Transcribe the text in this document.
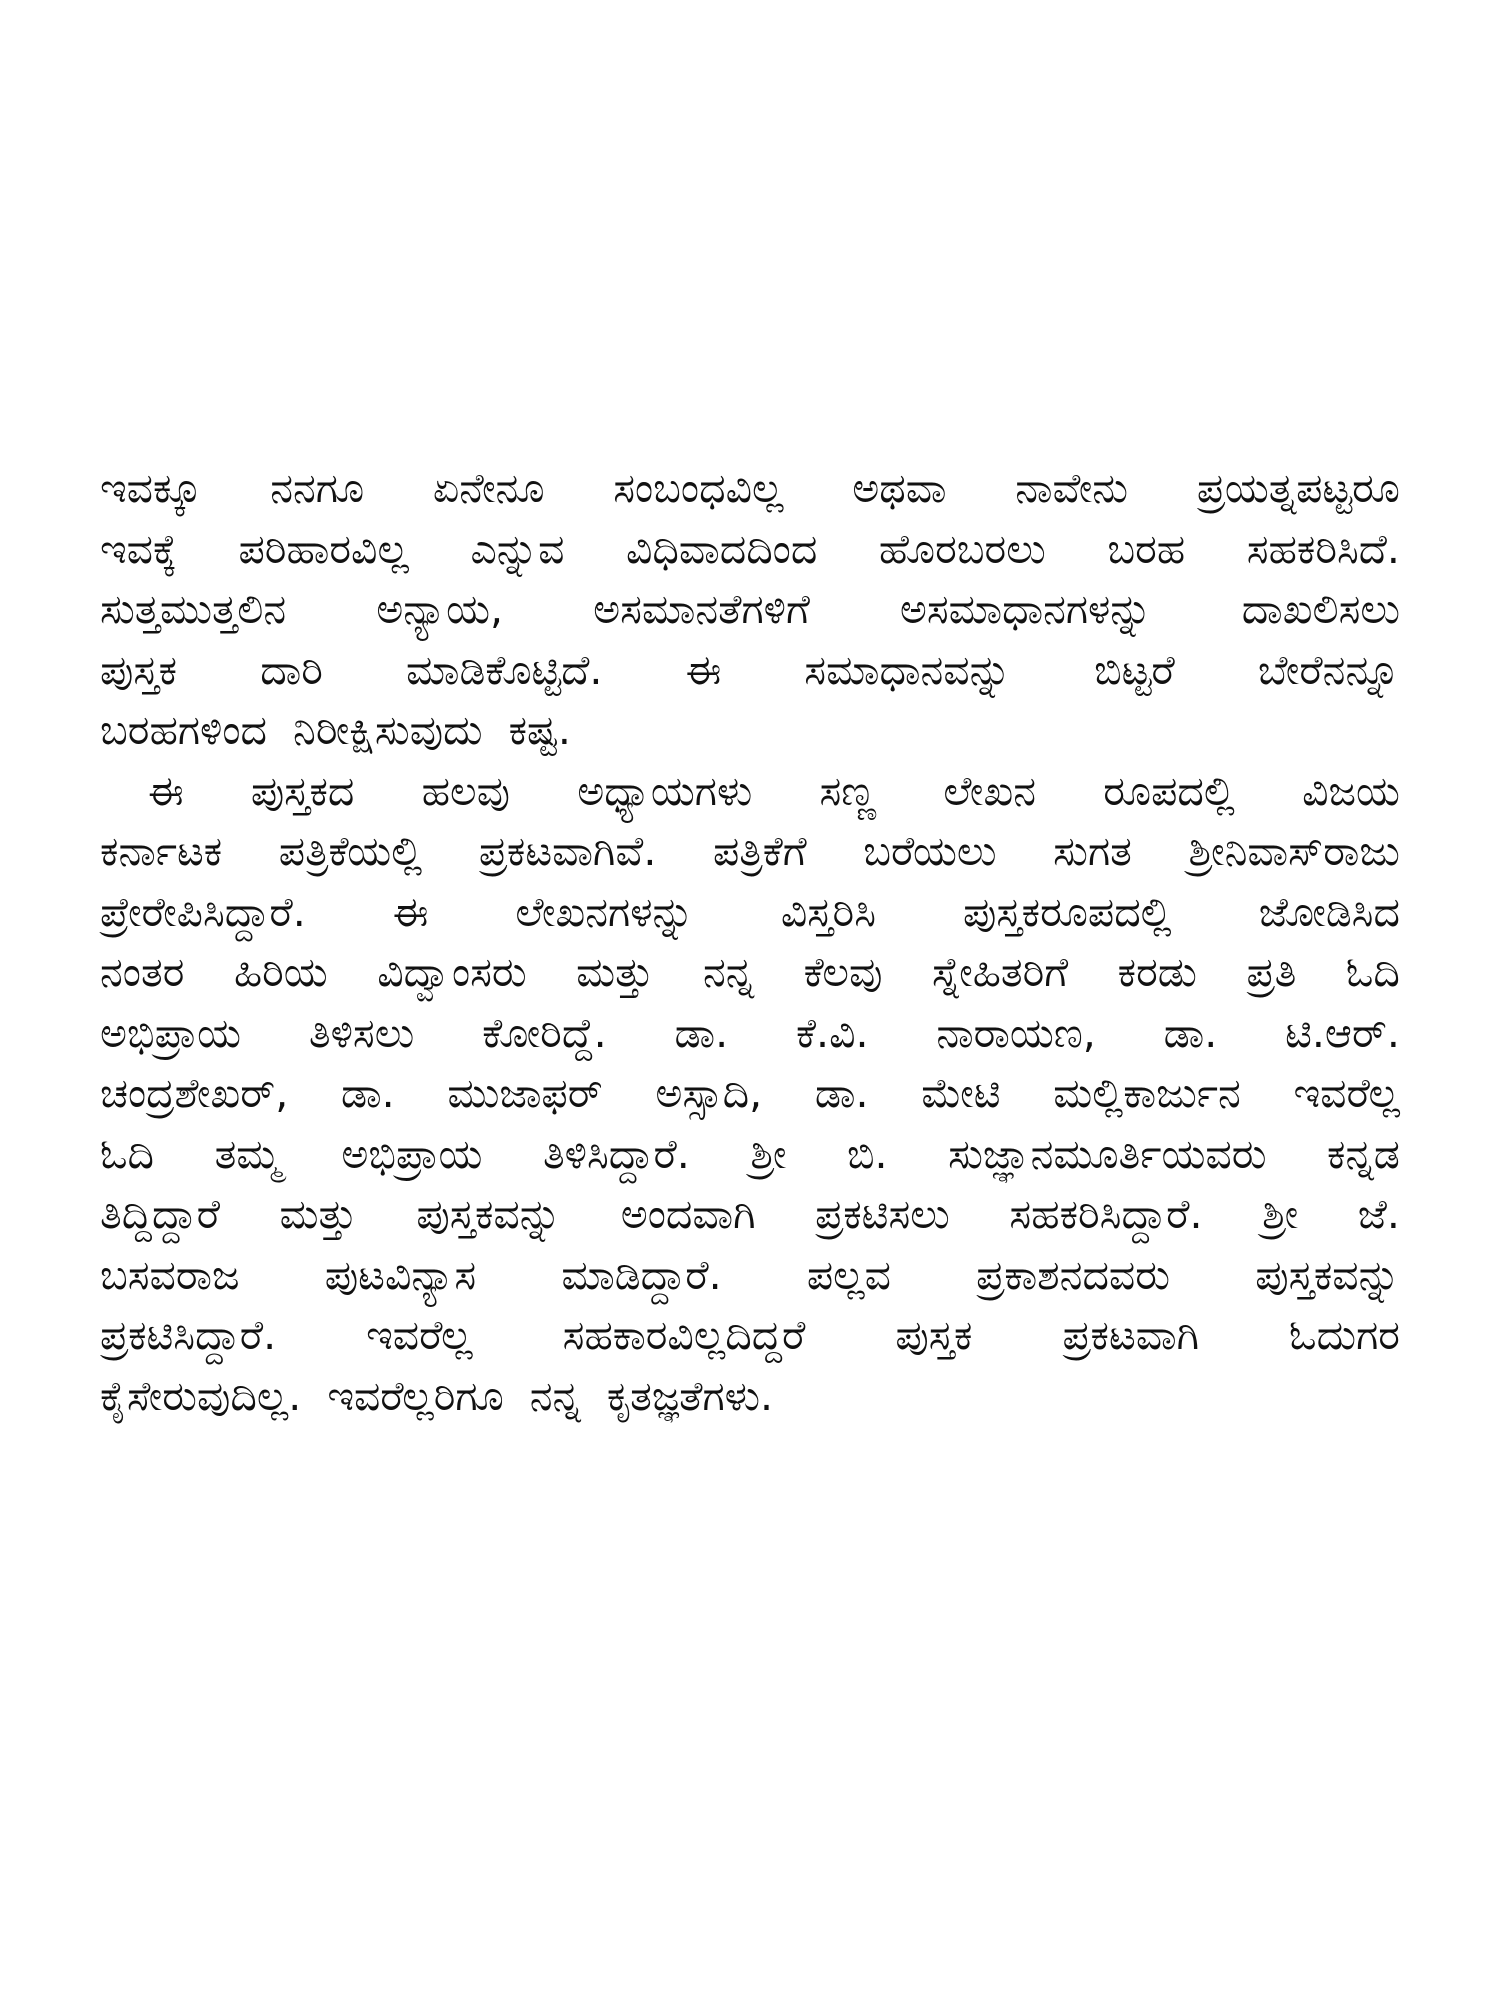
ಇವಕ್ಕೂ ನನಗೂ ಏನೇನೂ ಸಂಬಂಧವಿಲ್ಲ ಅಥವಾ ನಾವೇನು ಪ್ರಯತ್ನಪಟ್ಟರೂ
ಇವಕ್ಕೆ ಪರಿಹಾರವಿಲ್ಲ ಎನ್ನುವ ವಿಧಿವಾದದಿಂದ ಹೊರಬರಲು ಬರಹ ಸಹಕರಿಸಿದೆ.
ಸುತ್ತಮುತ್ತಲಿನ ಅನ್ಯಾಯ, ಅಸಮಾನತೆಗಳಿಗೆ ಅಸಮಾಧಾನಗಳನ್ನು ದಾಖಲಿಸಲು
ಪುಸ್ತಕ ದಾರಿ ಮಾಡಿಕೊಟ್ಟಿದೆ. ಈ ಸಮಾಧಾನವನ್ನು ಬಿಟ್ಟರೆ ಬೇರೆನನ್ನೂ
ಬರಹಗಳಿಂದ ನಿರೀಕ್ಷಿಸುವುದು ಕಷ್ಟ.
ಈ ಪುಸ್ತಕದ ಹಲವು ಅಧ್ಯಾಯಗಳು ಸಣ್ಣ ಲೇಖನ ರೂಪದಲ್ಲಿ ವಿಜಯ
ಕರ್ನಾಟಕ ಪತ್ರಿಕೆಯಲ್ಲಿ ಪ್ರಕಟವಾಗಿವೆ. ಪತ್ರಿಕೆಗೆ ಬರೆಯಲು ಸುಗತ ಶ್ರೀನಿವಾಸ್‌ರಾಜು
ಪ್ರೇರೇಪಿಸಿದ್ದಾರೆ. ಈ ಲೇಖನಗಳನ್ನು ವಿಸ್ತರಿಸಿ ಪುಸ್ತಕರೂಪದಲ್ಲಿ ಜೋಡಿಸಿದ
ನಂತರ ಹಿರಿಯ ವಿದ್ವಾಂಸರು ಮತ್ತು ನನ್ನ ಕೆಲವು ಸ್ನೇಹಿತರಿಗೆ ಕರಡು ಪ್ರತಿ ಓದಿ
ಅಭಿಪ್ರಾಯ ತಿಳಿಸಲು ಕೋರಿದ್ದೆ. ಡಾ. ಕೆ.ವಿ. ನಾರಾಯಣ, ಡಾ. ಟಿ.ಆರ್.
ಚಂದ್ರಶೇಖರ್, ಡಾ. ಮುಜಾಫರ್ ಅಸ್ಸಾದಿ, ಡಾ. ಮೇಟಿ ಮಲ್ಲಿಕಾರ್ಜುನ ಇವರೆಲ್ಲ
ಓದಿ ತಮ್ಮ ಅಭಿಪ್ರಾಯ ತಿಳಿಸಿದ್ದಾರೆ. ಶ್ರೀ ಬಿ. ಸುಜ್ಞಾನಮೂರ್ತಿಯವರು ಕನ್ನಡ
ತಿದ್ದಿದ್ದಾರೆ ಮತ್ತು ಪುಸ್ತಕವನ್ನು ಅಂದವಾಗಿ ಪ್ರಕಟಿಸಲು ಸಹಕರಿಸಿದ್ದಾರೆ. ಶ್ರೀ ಜೆ.
ಬಸವರಾಜ ಪುಟವಿನ್ಯಾಸ ಮಾಡಿದ್ದಾರೆ. ಪಲ್ಲವ ಪ್ರಕಾಶನದವರು ಪುಸ್ತಕವನ್ನು
ಪ್ರಕಟಿಸಿದ್ದಾರೆ. ಇವರೆಲ್ಲ ಸಹಕಾರವಿಲ್ಲದಿದ್ದರೆ ಪುಸ್ತಕ ಪ್ರಕಟವಾಗಿ ಓದುಗರ
ಕೈಸೇರುವುದಿಲ್ಲ. ಇವರೆಲ್ಲರಿಗೂ ನನ್ನ ಕೃತಜ್ಞತೆಗಳು.
